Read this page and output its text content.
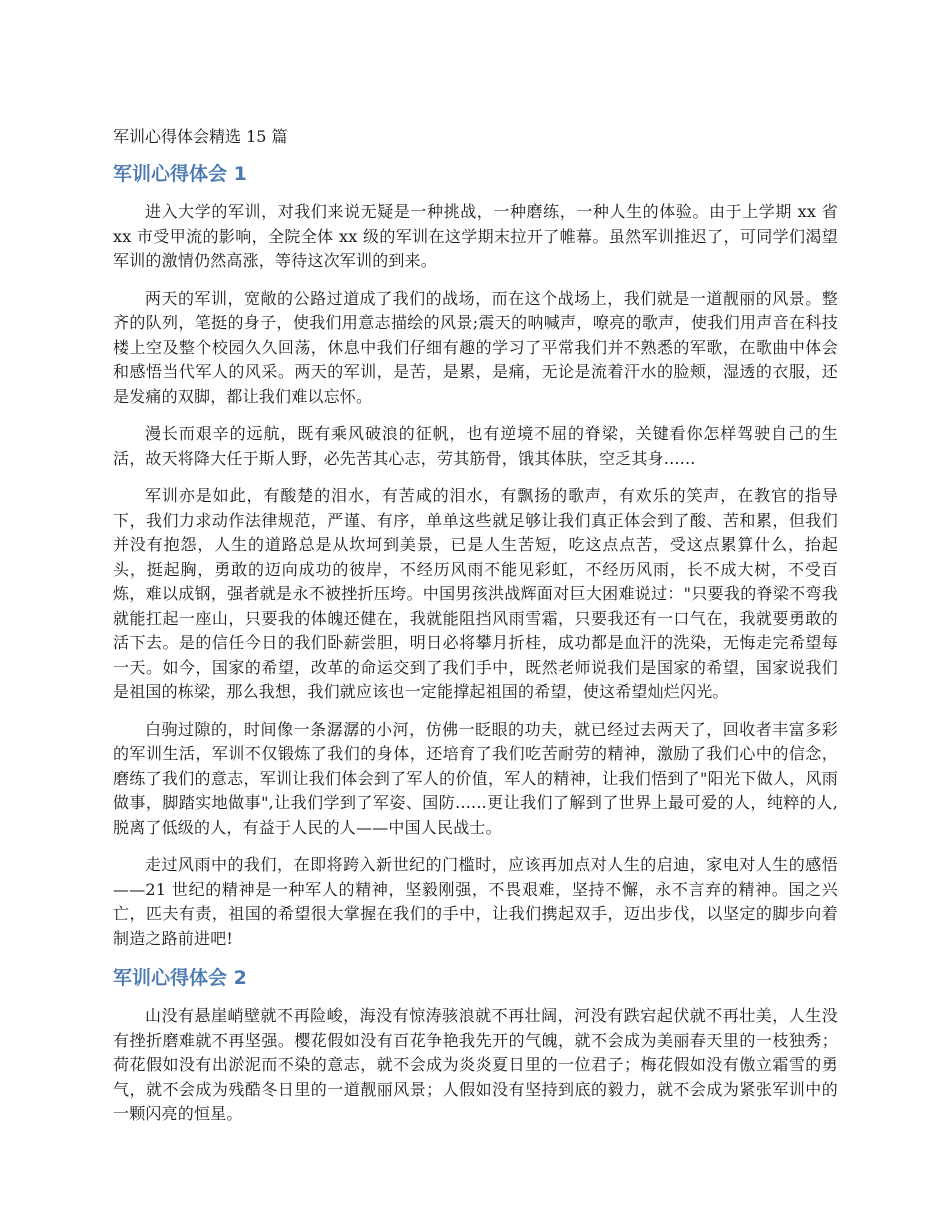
军训心得体会精选 15 篇
军训心得体会 1

进入大学的军训，对我们来说无疑是一种挑战，一种磨练，一种人生的体验。由于上学期 xx 省 xx 市受甲流的影响，全院全体 xx 级的军训在这学期末拉开了帷幕。虽然军训推迟了，可同学们渴望军训的激情仍然高涨，等待这次军训的到来。

两天的军训，宽敞的公路过道成了我们的战场，而在这个战场上，我们就是一道靓丽的风景。整齐的队列，笔挺的身子，使我们用意志描绘的风景;震天的呐喊声，嘹亮的歌声，使我们用声音在科技楼上空及整个校园久久回荡，休息中我们仔细有趣的学习了平常我们并不熟悉的军歌，在歌曲中体会和感悟当代军人的风采。两天的军训，是苦，是累，是痛，无论是流着汗水的脸颊，湿透的衣服，还是发痛的双脚，都让我们难以忘怀。

漫长而艰辛的远航，既有乘风破浪的征帆，也有逆境不屈的脊梁，关键看你怎样驾驶自己的生活，故天将降大任于斯人野，必先苦其心志，劳其筋骨，饿其体肤，空乏其身......

军训亦是如此，有酸楚的泪水，有苦咸的泪水，有飘扬的歌声，有欢乐的笑声，在教官的指导下，我们力求动作法律规范，严谨、有序，单单这些就足够让我们真正体会到了酸、苦和累，但我们并没有抱怨，人生的道路总是从坎坷到美景，已是人生苦短，吃这点点苦，受这点累算什么，抬起头，挺起胸，勇敢的迈向成功的彼岸，不经历风雨不能见彩虹，不经历风雨，长不成大树，不受百炼，难以成钢，强者就是永不被挫折压垮。中国男孩洪战辉面对巨大困难说过："只要我的脊梁不弯我就能扛起一座山，只要我的体魄还健在，我就能阻挡风雨雪霜，只要我还有一口气在，我就要勇敢的活下去。是的信任今日的我们卧薪尝胆，明日必将攀月折桂，成功都是血汗的洗染，无悔走完希望每一天。如今，国家的希望，改革的命运交到了我们手中，既然老师说我们是国家的希望，国家说我们是祖国的栋梁，那么我想，我们就应该也一定能撑起祖国的希望，使这希望灿烂闪光。

白驹过隙的，时间像一条潺潺的小河，仿佛一眨眼的功夫，就已经过去两天了，回收者丰富多彩的军训生活，军训不仅锻炼了我们的身体，还培育了我们吃苦耐劳的精神，激励了我们心中的信念，磨练了我们的意志，军训让我们体会到了军人的价值，军人的精神，让我们悟到了"阳光下做人，风雨做事，脚踏实地做事",让我们学到了军姿、国防......更让我们了解到了世界上最可爱的人，纯粹的人,脱离了低级的人，有益于人民的人——中国人民战士。

走过风雨中的我们，在即将跨入新世纪的门槛时，应该再加点对人生的启迪，家电对人生的感悟——21 世纪的精神是一种军人的精神，坚毅刚强，不畏艰难，坚持不懈，永不言弃的精神。国之兴亡，匹夫有责，祖国的希望很大掌握在我们的手中，让我们携起双手，迈出步伐，以坚定的脚步向着制造之路前进吧!

军训心得体会 2

山没有悬崖峭壁就不再险峻，海没有惊涛骇浪就不再壮阔，河没有跌宕起伏就不再壮美，人生没有挫折磨难就不再坚强。樱花假如没有百花争艳我先开的气魄，就不会成为美丽春天里的一枝独秀；荷花假如没有出淤泥而不染的意志，就不会成为炎炎夏日里的一位君子；梅花假如没有傲立霜雪的勇气，就不会成为残酷冬日里的一道靓丽风景；人假如没有坚持到底的毅力，就不会成为紧张军训中的一颗闪亮的恒星。
